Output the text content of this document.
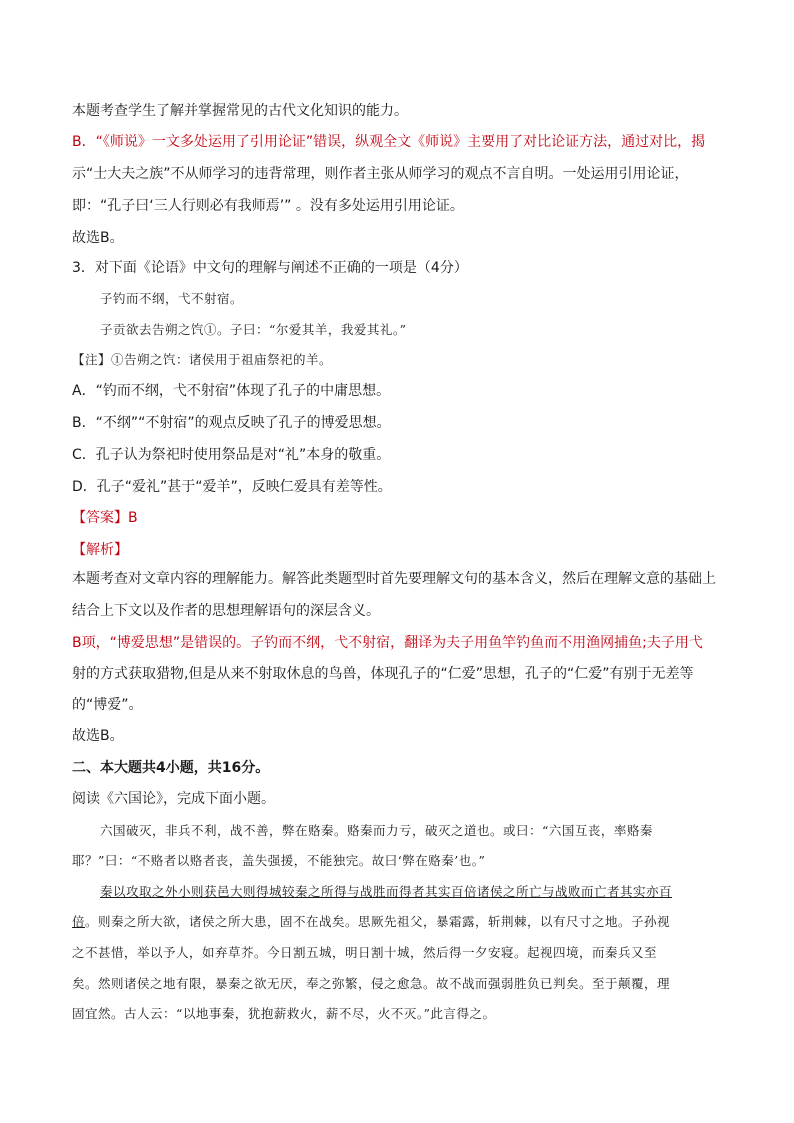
本题考查学生了解并掌握常见的古代文化知识的能力。
B．“《师说》一文多处运用了引用论证”错误，纵观全文《师说》主要用了对比论证方法，通过对比，揭
示“士大夫之族”不从师学习的违背常理，则作者主张从师学习的观点不言自明。一处运用引用论证，
即：“孔子曰‘三人行则必有我师焉’” 。没有多处运用引用论证。
故选B。
3．对下面《论语》中文句的理解与阐述不正确的一项是（4分）
子钓而不纲，弋不射宿。
子贡欲去告朔之饩①。子曰：“尔爱其羊，我爱其礼。”
【注】①告朔之饩：诸侯用于祖庙祭祀的羊。
A．“钓而不纲，弋不射宿”体现了孔子的中庸思想。
B．“不纲”“不射宿”的观点反映了孔子的博爱思想。
C．孔子认为祭祀时使用祭品是对“礼”本身的敬重。
D．孔子“爱礼”甚于“爱羊”，反映仁爱具有差等性。
【答案】B
【解析】
本题考查对文章内容的理解能力。解答此类题型时首先要理解文句的基本含义，然后在理解文意的基础上
结合上下文以及作者的思想理解语句的深层含义。
B项，“博爱思想”是错误的。子钓而不纲，弋不射宿，翻译为夫子用鱼竿钓鱼而不用渔网捕鱼;夫子用弋
射的方式获取猎物,但是从来不射取休息的鸟兽，体现孔子的“仁爱”思想，孔子的“仁爱”有别于无差等
的“博爱”。
故选B。
二、本大题共4小题，共16分。
阅读《六国论》，完成下面小题。
六国破灭，非兵不利，战不善，弊在赂秦。赂秦而力亏，破灭之道也。或曰：“六国互丧，率赂秦
耶？”曰：“不赂者以赂者丧，盖失强援，不能独完。故曰‘弊在赂秦’也。”
秦以攻取之外小则获邑大则得城较秦之所得与战胜而得者其实百倍诸侯之所亡与战败而亡者其实亦百
倍。则秦之所大欲，诸侯之所大患，固不在战矣。思厥先祖父，暴霜露，斩荆棘，以有尺寸之地。子孙视
之不甚惜，举以予人，如弃草芥。今日割五城，明日割十城，然后得一夕安寝。起视四境，而秦兵又至
矣。然则诸侯之地有限，暴秦之欲无厌，奉之弥繁，侵之愈急。故不战而强弱胜负已判矣。至于颠覆，理
固宜然。古人云：“以地事秦，犹抱薪救火，薪不尽，火不灭。”此言得之。
